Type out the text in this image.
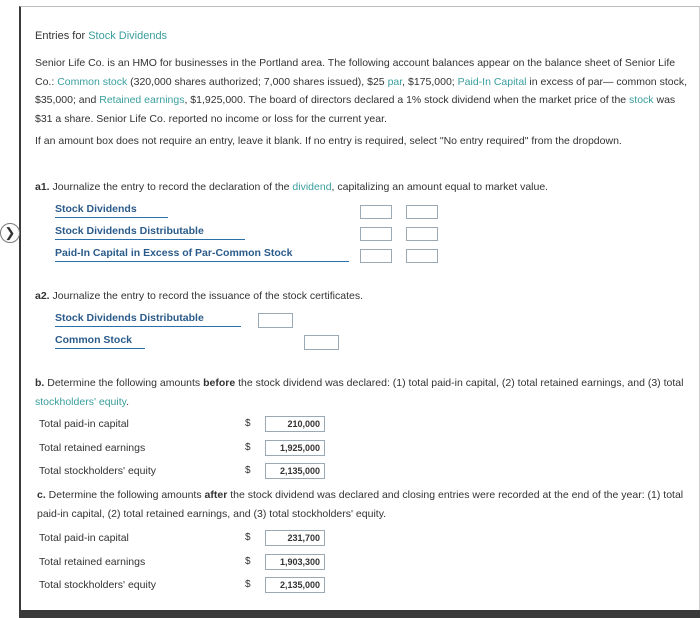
❯
Entries for Stock Dividends
Senior Life Co. is an HMO for businesses in the Portland area. The following account balances appear on the balance sheet of Senior Life Co.: Common stock (320,000 shares authorized; 7,000 shares issued), $25 par, $175,000; Paid-In Capital in excess of par— common stock, $35,000; and Retained earnings, $1,925,000. The board of directors declared a 1% stock dividend when the market price of the stock was $31 a share. Senior Life Co. reported no income or loss for the current year.
If an amount box does not require an entry, leave it blank. If no entry is required, select "No entry required" from the dropdown.
a1. Journalize the entry to record the declaration of the dividend, capitalizing an amount equal to market value.
Stock Dividends
Stock Dividends Distributable
Paid-In Capital in Excess of Par-Common Stock
a2. Journalize the entry to record the issuance of the stock certificates.
Stock Dividends Distributable
Common Stock
b. Determine the following amounts before the stock dividend was declared: (1) total paid-in capital, (2) total retained earnings, and (3) total stockholders' equity.
Total paid-in capital	$	210,000
Total retained earnings	$	1,925,000
Total stockholders' equity	$	2,135,000
c. Determine the following amounts after the stock dividend was declared and closing entries were recorded at the end of the year: (1) total paid-in capital, (2) total retained earnings, and (3) total stockholders' equity.
Total paid-in capital	$	231,700
Total retained earnings	$	1,903,300
Total stockholders' equity	$	2,135,000
